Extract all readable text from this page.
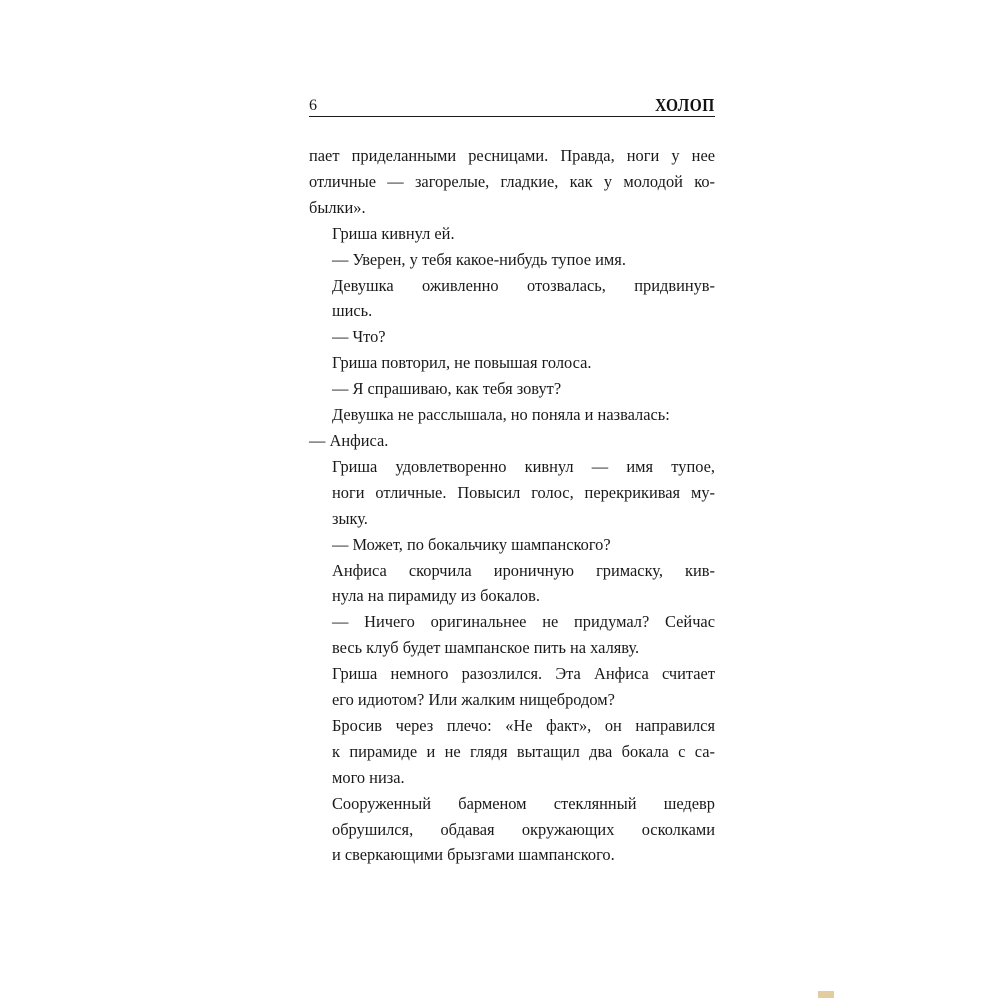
6	ХОЛОП

пает приделанными ресницами. Правда, ноги у нее
отличные — загорелые, гладкие, как у молодой ко-
былки».

Гриша кивнул ей.

— Уверен, у тебя какое-нибудь тупое имя.

Девушка оживленно отозвалась, придвинув-
шись.

— Что?

Гриша повторил, не повышая голоса.

— Я спрашиваю, как тебя зовут?

Девушка не расслышала, но поняла и назвалась:

— Анфиса.

Гриша удовлетворенно кивнул — имя тупое,
ноги отличные. Повысил голос, перекрикивая му-
зыку.

— Может, по бокальчику шампанского?

Анфиса скорчила ироничную гримаску, кив-
нула на пирамиду из бокалов.

— Ничего оригинальнее не придумал? Сейчас
весь клуб будет шампанское пить на халяву.

Гриша немного разозлился. Эта Анфиса считает
его идиотом? Или жалким нищебродом?

Бросив через плечо: «Не факт», он направился
к пирамиде и не глядя вытащил два бокала с са-
мого низа.

Сооруженный барменом стеклянный шедевр
обрушился, обдавая окружающих осколками
и сверкающими брызгами шампанского.
